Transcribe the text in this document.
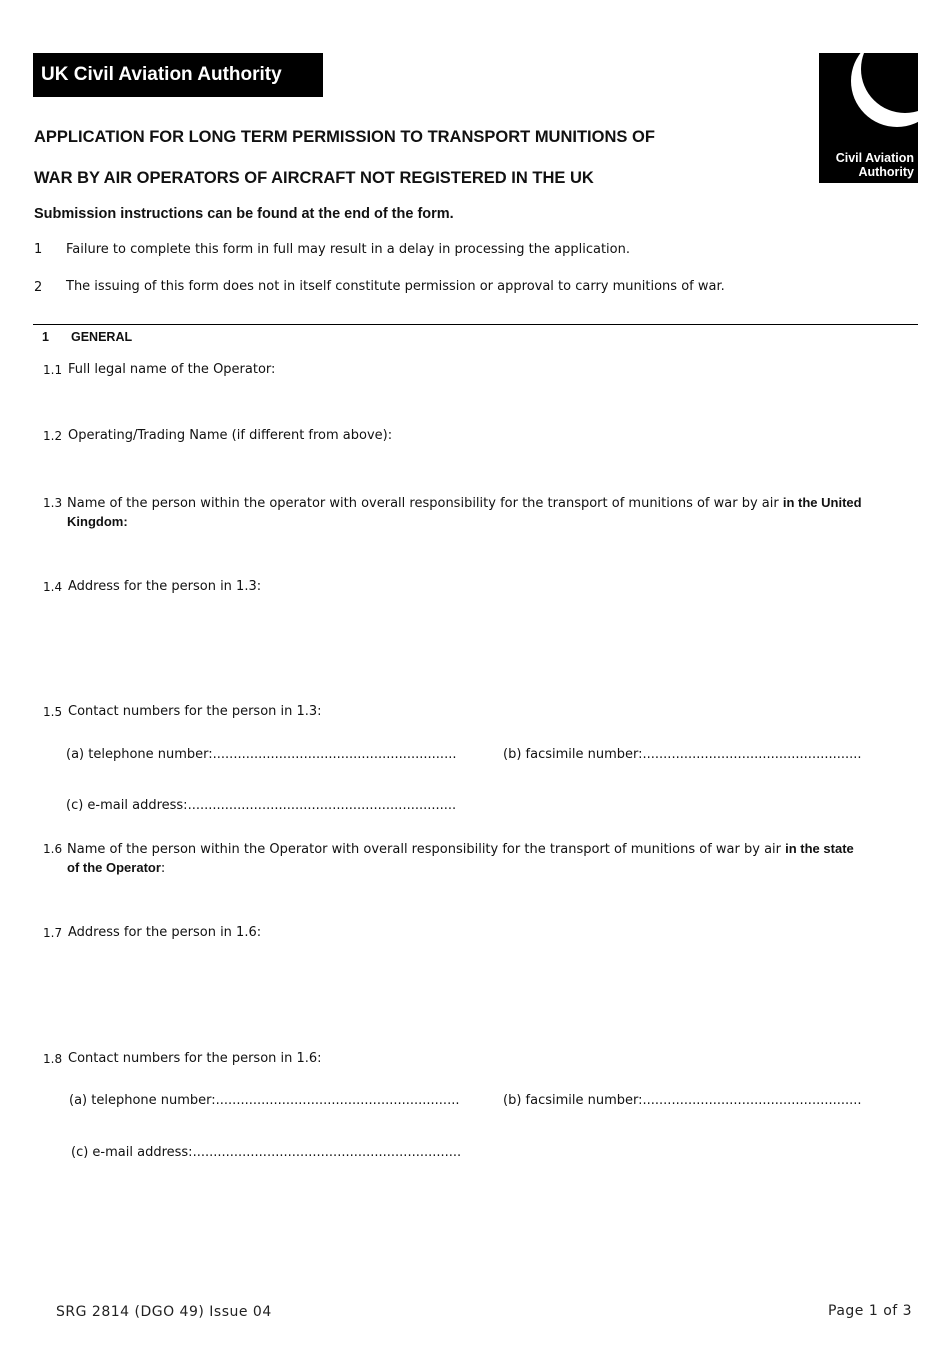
UK Civil Aviation Authority
Civil Aviation
Authority
APPLICATION FOR LONG TERM PERMISSION TO TRANSPORT MUNITIONS OF
WAR BY AIR OPERATORS OF AIRCRAFT NOT REGISTERED IN THE UK
Submission instructions can be found at the end of the form.
1 Failure to complete this form in full may result in a delay in processing the application.
2 The issuing of this form does not in itself constitute permission or approval to carry munitions of war.
1 GENERAL
1.1 Full legal name of the Operator:
1.2 Operating/Trading Name (if different from above):
1.3 Name of the person within the operator with overall responsibility for the transport of munitions of war by air in the United Kingdom:
1.4 Address for the person in 1.3:
1.5 Contact numbers for the person in 1.3:
(a) telephone number:...........................................................	(b) facsimile number:.....................................................
(c) e-mail address:.................................................................
1.6 Name of the person within the Operator with overall responsibility for the transport of munitions of war by air in the state of the Operator:
1.7 Address for the person in 1.6:
1.8 Contact numbers for the person in 1.6:
(a) telephone number:...........................................................	(b) facsimile number:.....................................................
(c) e-mail address:.................................................................
SRG 2814 (DGO 49) Issue 04	Page 1 of 3
